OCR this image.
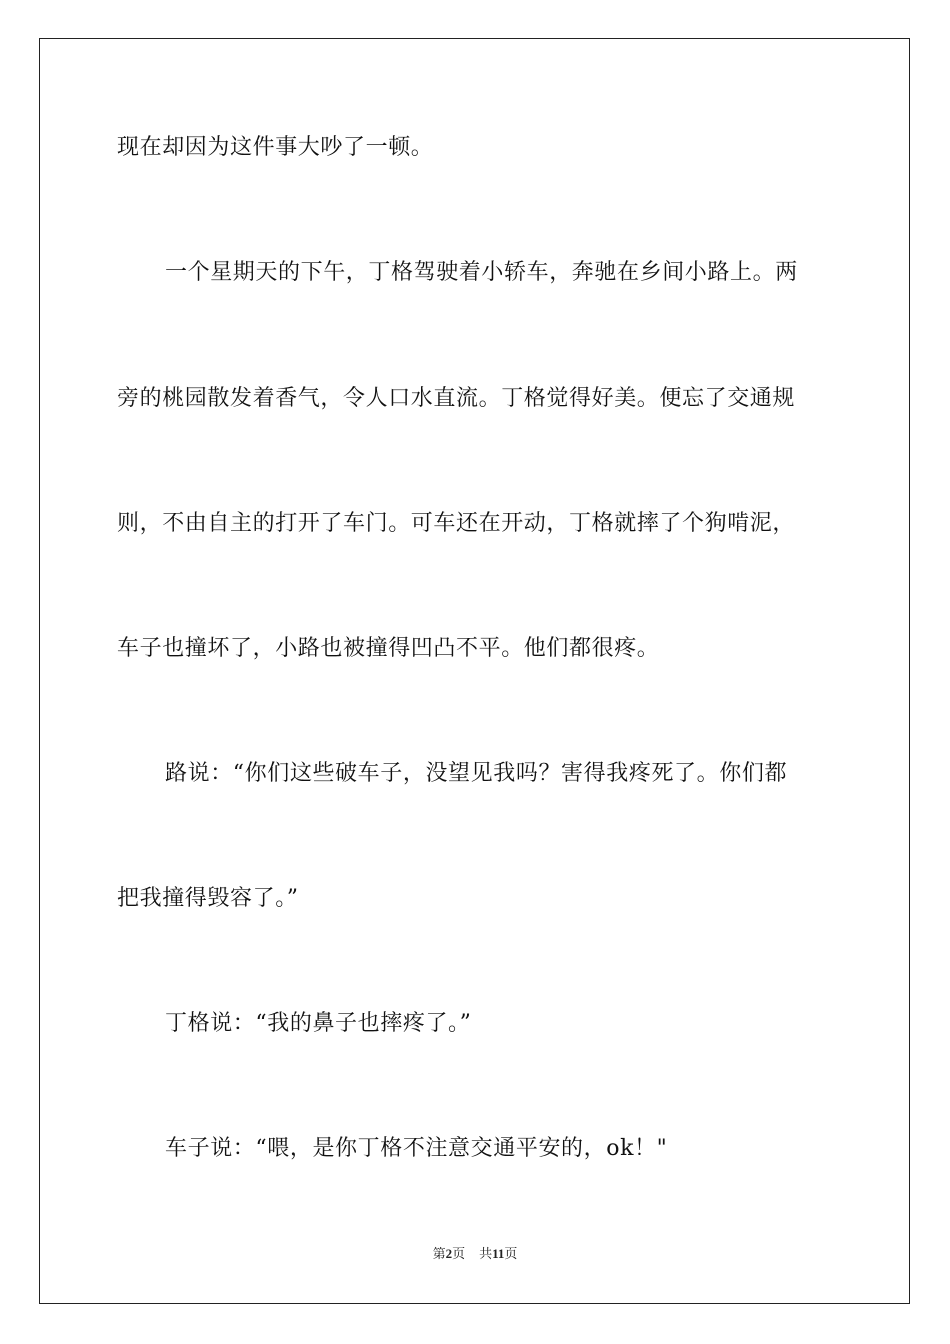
现在却因为这件事大吵了一顿。
一个星期天的下午，丁格驾驶着小轿车，奔驰在乡间小路上。两
旁的桃园散发着香气，令人口水直流。丁格觉得好美。便忘了交通规
则，不由自主的打开了车门。可车还在开动，丁格就摔了个狗啃泥，
车子也撞坏了，小路也被撞得凹凸不平。他们都很疼。
路说：“你们这些破车子，没望见我吗？害得我疼死了。你们都
把我撞得毁容了。”
丁格说：“我的鼻子也摔疼了。”
车子说：“喂，是你丁格不注意交通平安的，ok！"
第2页 共11页
